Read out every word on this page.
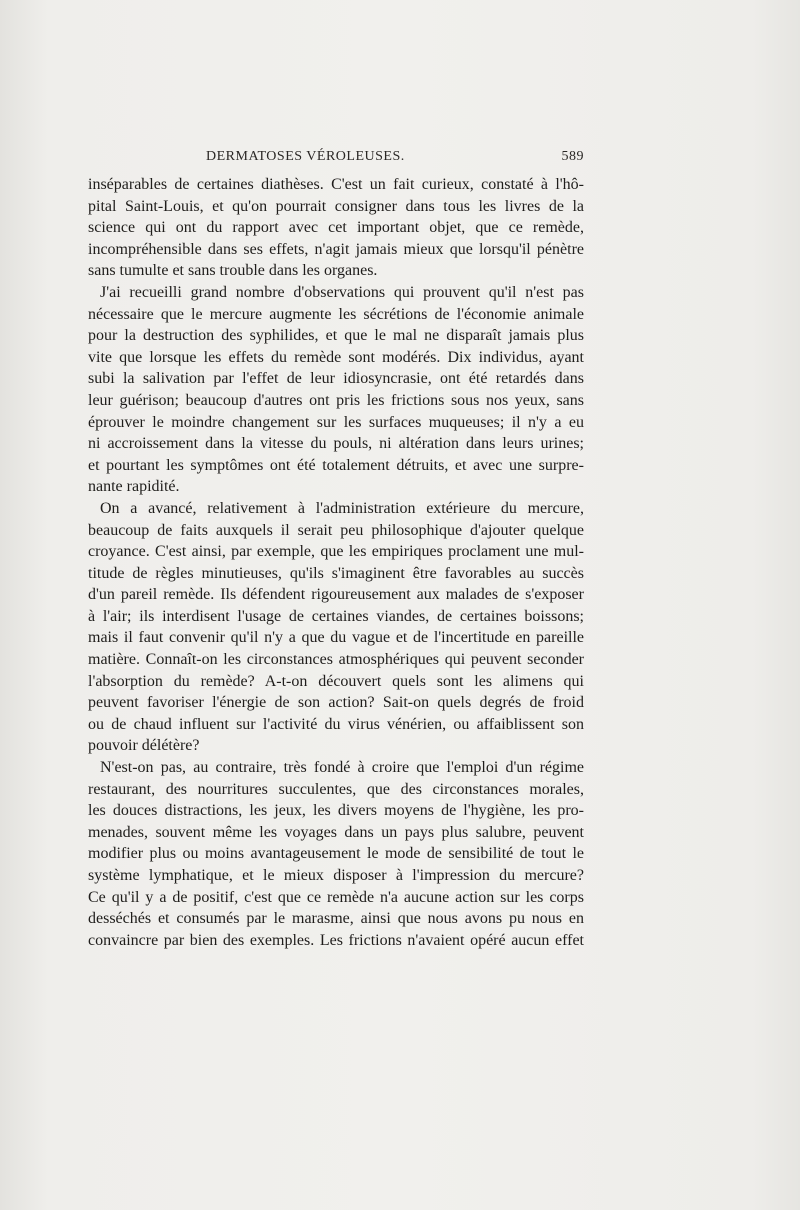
DERMATOSES VÉROLEUSES.	589
inséparables de certaines diathèses. C'est un fait curieux, constaté à l'hô-
pital Saint-Louis, et qu'on pourrait consigner dans tous les livres de la
science qui ont du rapport avec cet important objet, que ce remède,
incompréhensible dans ses effets, n'agit jamais mieux que lorsqu'il pénètre
sans tumulte et sans trouble dans les organes.
J'ai recueilli grand nombre d'observations qui prouvent qu'il n'est pas
nécessaire que le mercure augmente les sécrétions de l'économie animale
pour la destruction des syphilides, et que le mal ne disparaît jamais plus
vite que lorsque les effets du remède sont modérés. Dix individus, ayant
subi la salivation par l'effet de leur idiosyncrasie, ont été retardés dans
leur guérison; beaucoup d'autres ont pris les frictions sous nos yeux, sans
éprouver le moindre changement sur les surfaces muqueuses; il n'y a eu
ni accroissement dans la vitesse du pouls, ni altération dans leurs urines;
et pourtant les symptômes ont été totalement détruits, et avec une surpre-
nante rapidité.
On a avancé, relativement à l'administration extérieure du mercure,
beaucoup de faits auxquels il serait peu philosophique d'ajouter quelque
croyance. C'est ainsi, par exemple, que les empiriques proclament une mul-
titude de règles minutieuses, qu'ils s'imaginent être favorables au succès
d'un pareil remède. Ils défendent rigoureusement aux malades de s'exposer
à l'air; ils interdisent l'usage de certaines viandes, de certaines boissons;
mais il faut convenir qu'il n'y a que du vague et de l'incertitude en pareille
matière. Connaît-on les circonstances atmosphériques qui peuvent seconder
l'absorption du remède? A-t-on découvert quels sont les alimens qui
peuvent favoriser l'énergie de son action? Sait-on quels degrés de froid
ou de chaud influent sur l'activité du virus vénérien, ou affaiblissent son
pouvoir délétère?
N'est-on pas, au contraire, très fondé à croire que l'emploi d'un régime
restaurant, des nourritures succulentes, que des circonstances morales,
les douces distractions, les jeux, les divers moyens de l'hygiène, les pro-
menades, souvent même les voyages dans un pays plus salubre, peuvent
modifier plus ou moins avantageusement le mode de sensibilité de tout le
système lymphatique, et le mieux disposer à l'impression du mercure?
Ce qu'il y a de positif, c'est que ce remède n'a aucune action sur les corps
desséchés et consumés par le marasme, ainsi que nous avons pu nous en
convaincre par bien des exemples. Les frictions n'avaient opéré aucun effet
